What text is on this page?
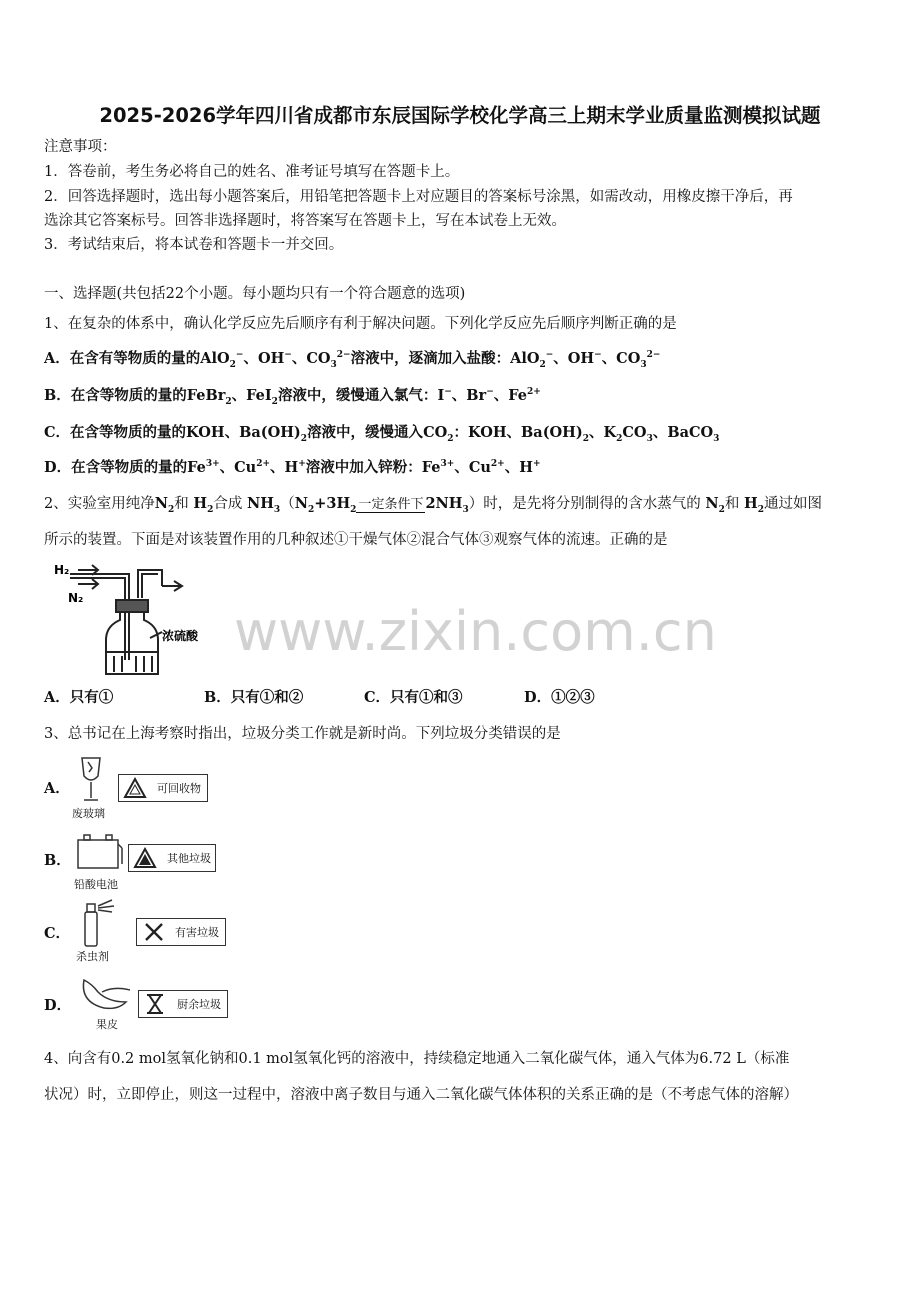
2025-2026学年四川省成都市东辰国际学校化学高三上期末学业质量监测模拟试题
注意事项：
1．答卷前，考生务必将自己的姓名、准考证号填写在答题卡上。
2．回答选择题时，选出每小题答案后，用铅笔把答题卡上对应题目的答案标号涂黑，如需改动，用橡皮擦干净后，再
选涂其它答案标号。回答非选择题时，将答案写在答题卡上，写在本试卷上无效。
3．考试结束后，将本试卷和答题卡一并交回。
一、选择题(共包括22个小题。每小题均只有一个符合题意的选项)
1、在复杂的体系中，确认化学反应先后顺序有利于解决问题。下列化学反应先后顺序判断正确的是
A．在含有等物质的量的AlO$_2$−、OH−、$CO_3^{2-}$溶液中，逐滴加入盐酸：AlO$_2$−、OH−、$CO_3^{2-}$
B．在含等物质的量的FeBr$_2$、FeI$_2$溶液中，缓慢通入氯气：I−、Br−、$Fe^{2+}$
C．在含等物质的量的KOH、$Ba(OH)_2$溶液中，缓慢通入$CO_2$：KOH、$Ba(OH)_2$、$K_2CO_3$、BaCO$_3$
D．在含等物质的量的$Fe^{3+}$、$Cu^{2+}$、H+溶液中加入锌粉：$Fe^{3+}$、$Cu^{2+}$、H+
2、实验室用纯净$N_2$和 $H_2$合成 $NH_3(N_2+3H_2$ 一定条件下 $2NH_3$）时，是先将分别制得的含水蒸气的 $N_2$和 $H_2$通过如图
所示的装置。下面是对该装置作用的几种叙述①干燥气体②混合气体③观察气体的流速。正确的是
H₂
N₂
浓硫酸
A．只有①	B．只有①和②	C．只有①和③	D．①②③
3、总书记在上海考察时指出，垃圾分类工作就是新时尚。下列垃圾分类错误的是
A．
废玻璃
可回收物
B．
铅酸电池
其他垃圾
C．
杀虫剂
有害垃圾
D．
果皮
厨余垃圾
4、向含有0.2 mol氢氧化钠和0.1 mol氢氧化钙的溶液中，持续稳定地通入二氧化碳气体，通入气体为6.72 L（标准
状况）时，立即停止，则这一过程中，溶液中离子数目与通入二氧化碳气体体积的关系正确的是（不考虑气体的溶解）
www.zixin.com.cn
